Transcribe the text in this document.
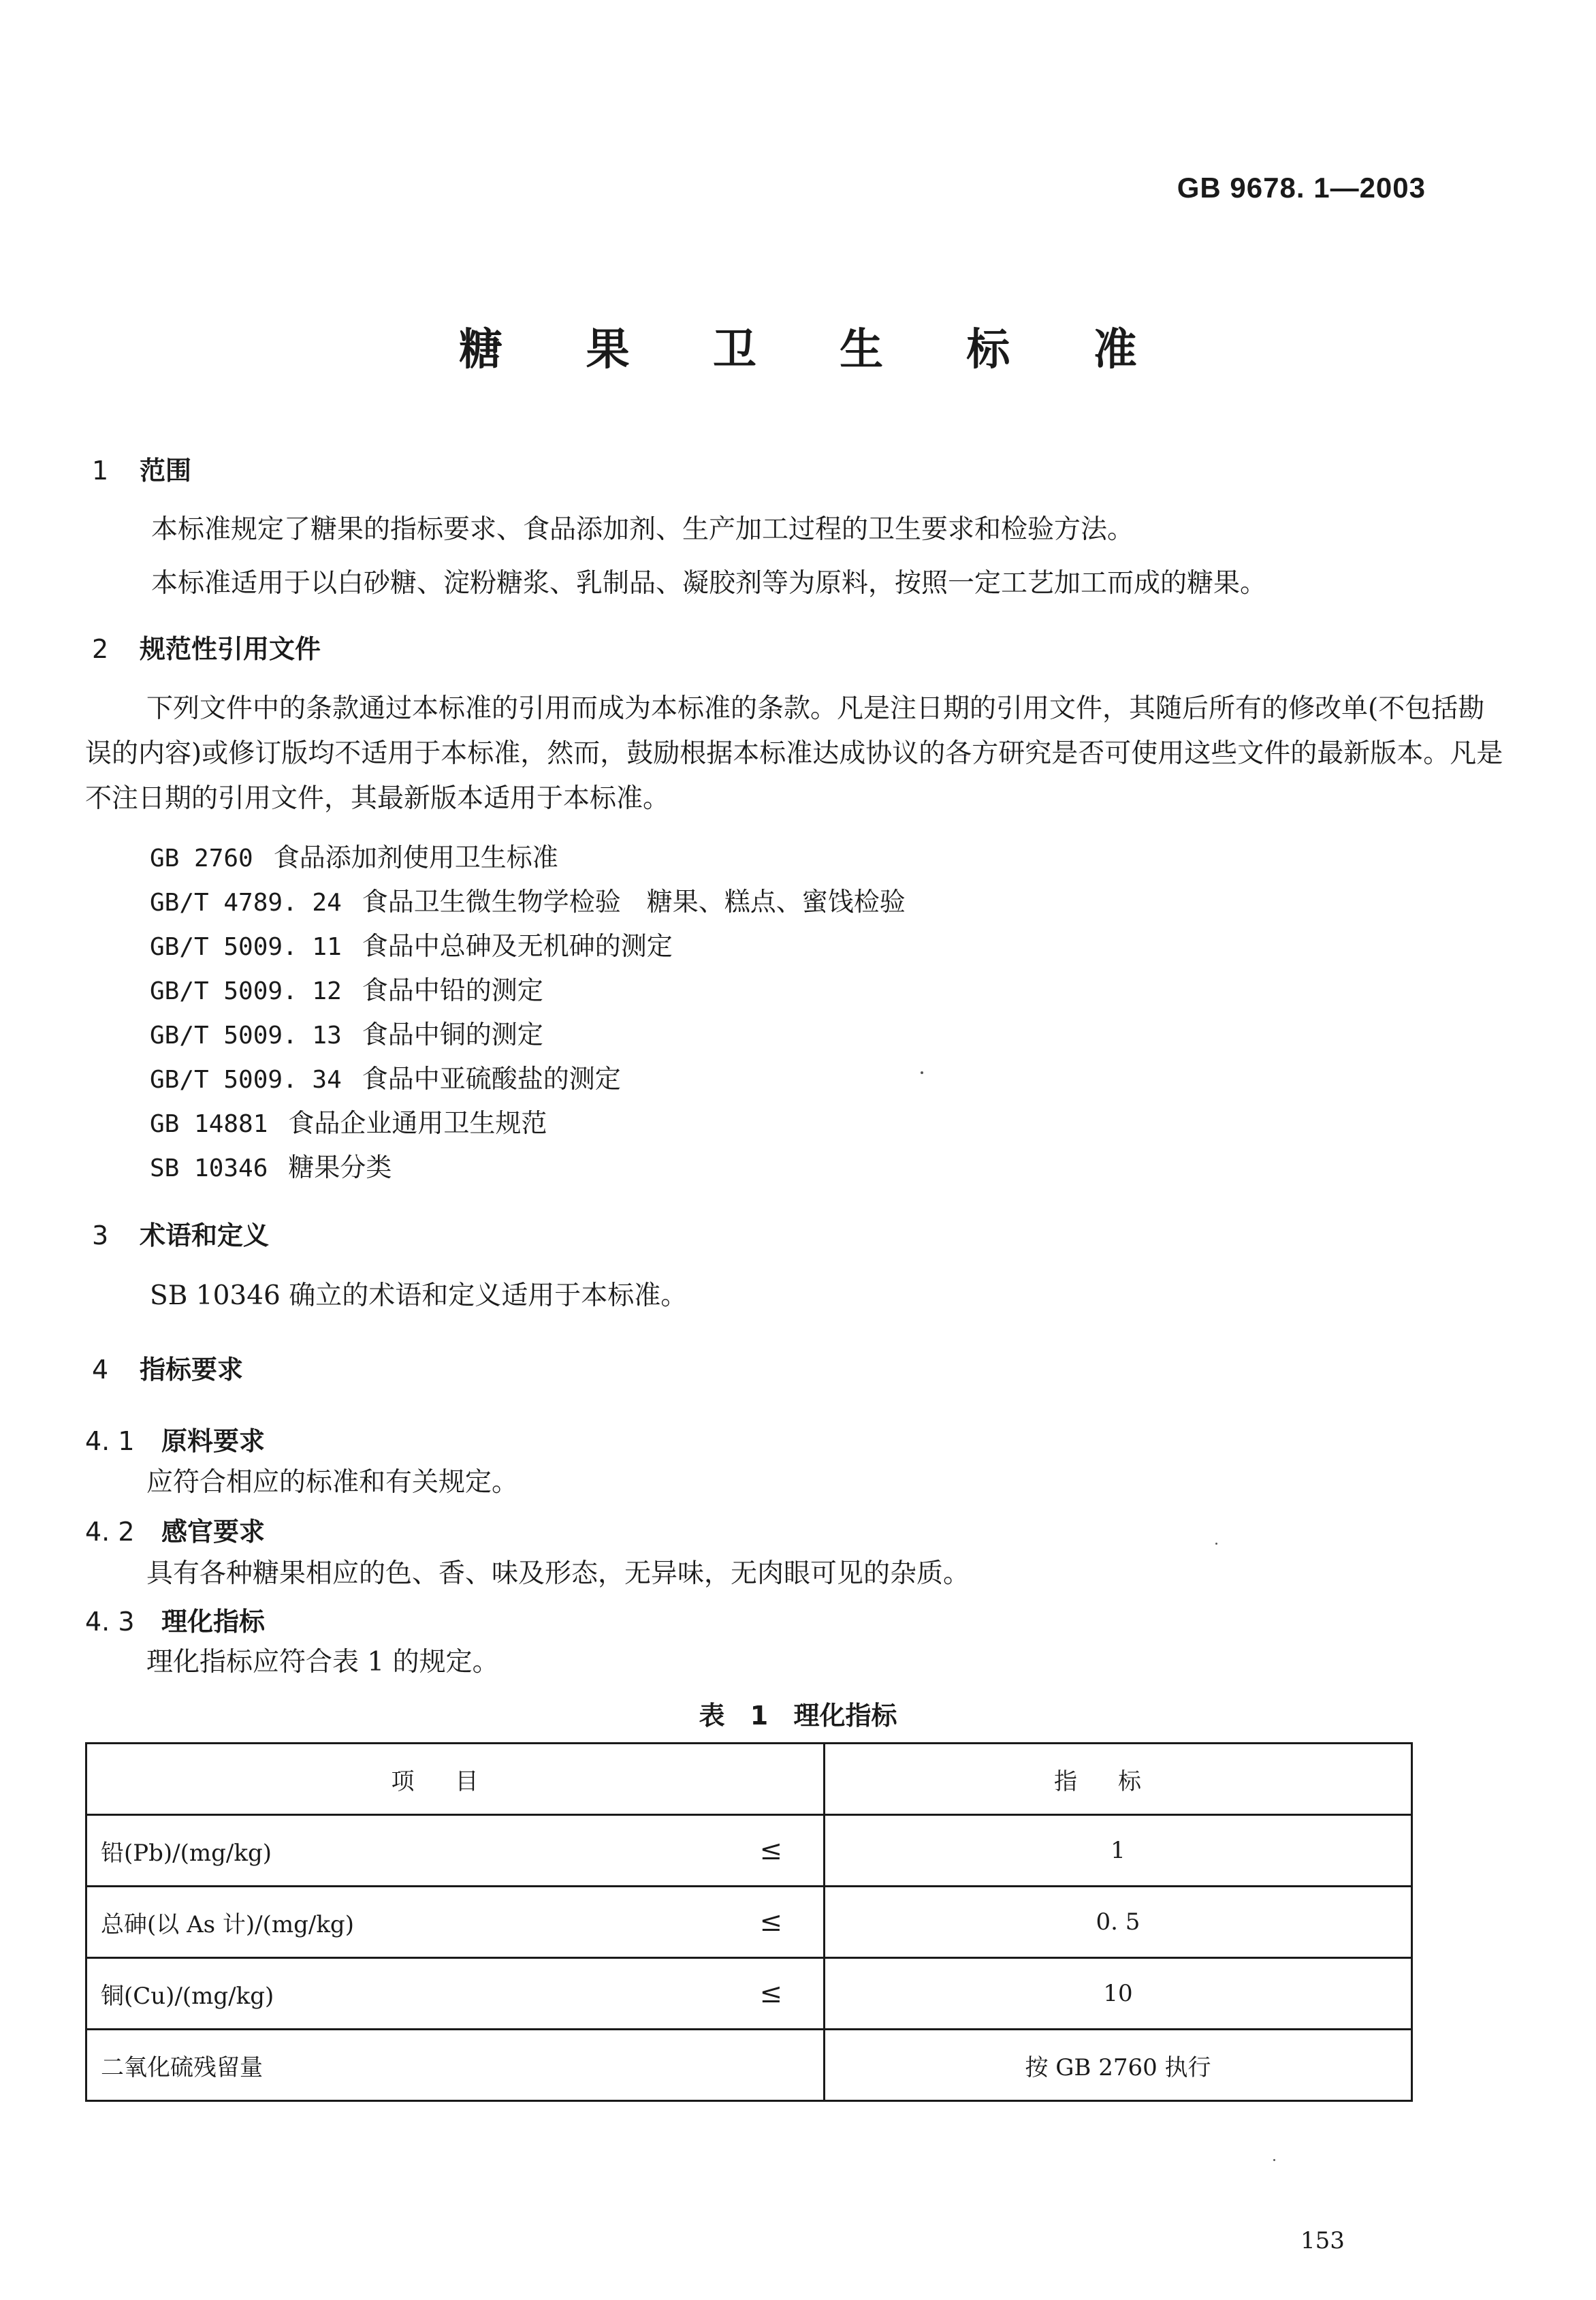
GB 9678. 1—2003
糖 果 卫 生 标 准
1 范围
本标准规定了糖果的指标要求、食品添加剂、生产加工过程的卫生要求和检验方法。
本标准适用于以白砂糖、淀粉糖浆、乳制品、凝胶剂等为原料，按照一定工艺加工而成的糖果。
2 规范性引用文件
下列文件中的条款通过本标准的引用而成为本标准的条款。凡是注日期的引用文件，其随后所有的修改单(不包括勘误的内容)或修订版均不适用于本标准，然而，鼓励根据本标准达成协议的各方研究是否可使用这些文件的最新版本。凡是不注日期的引用文件，其最新版本适用于本标准。
GB 2760 食品添加剂使用卫生标准
GB/T 4789. 24 食品卫生微生物学检验　糖果、糕点、蜜饯检验
GB/T 5009. 11 食品中总砷及无机砷的测定
GB/T 5009. 12 食品中铅的测定
GB/T 5009. 13 食品中铜的测定
GB/T 5009. 34 食品中亚硫酸盐的测定
GB 14881 食品企业通用卫生规范
SB 10346 糖果分类
3 术语和定义
SB 10346 确立的术语和定义适用于本标准。
4 指标要求
4. 1 原料要求
应符合相应的标准和有关规定。
4. 2 感官要求
具有各种糖果相应的色、香、味及形态，无异味，无肉眼可见的杂质。
4. 3 理化指标
理化指标应符合表 1 的规定。
表 1 理化指标
项目	指标
铅(Pb)/(mg/kg) ≤	1
总砷(以 As 计)/(mg/kg) ≤	0. 5
铜(Cu)/(mg/kg) ≤	10
二氧化硫残留量	按 GB 2760 执行
153
